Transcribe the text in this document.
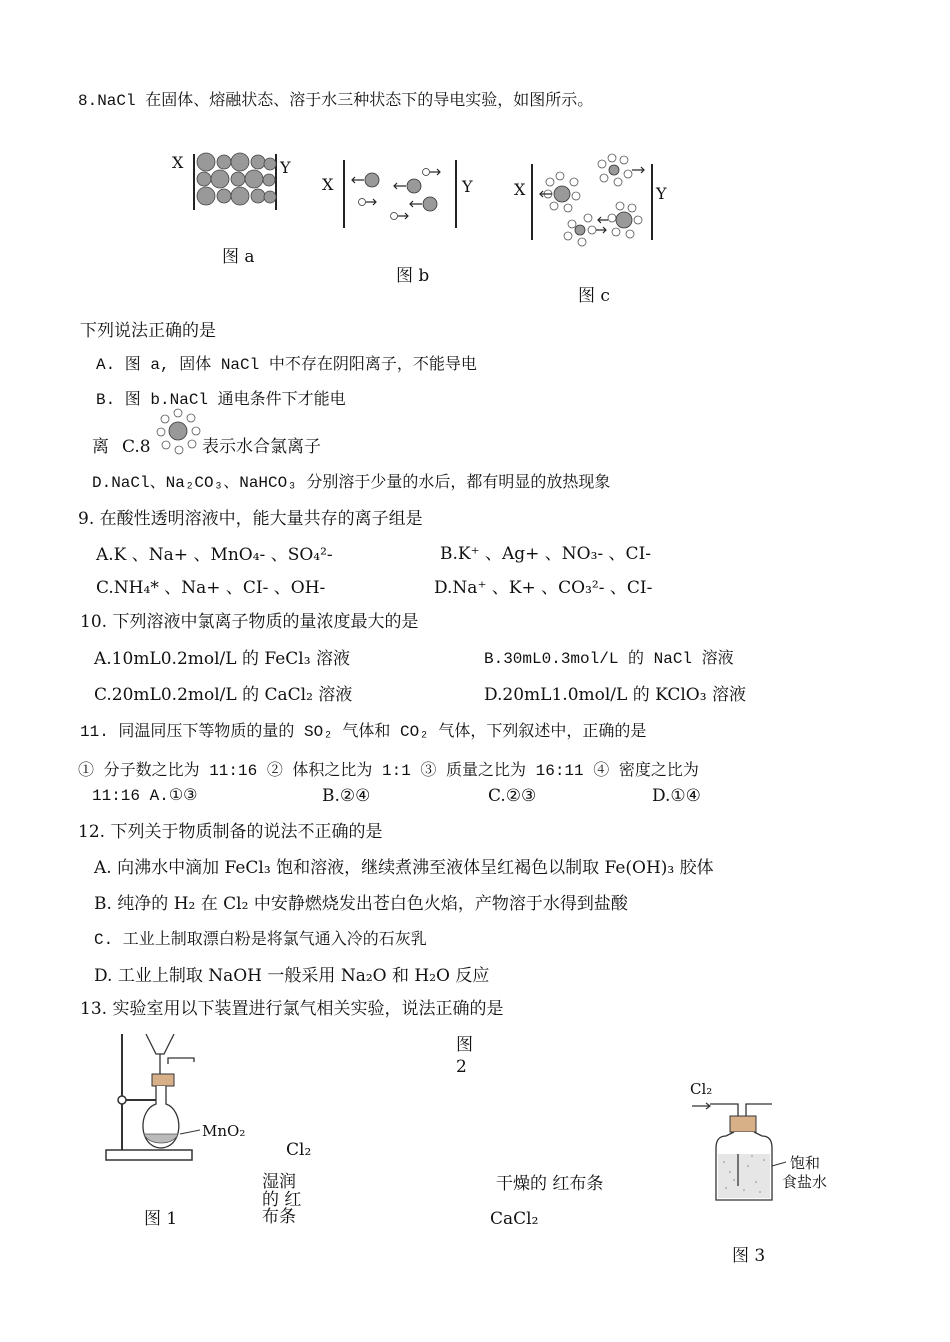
8.NaCl 在固体、熔融状态、溶于水三种状态下的导电实验，如图所示。
X	Y
图 a
X	Y
图 b
X	Y
图 c
下列说法正确的是
A. 图 a, 固体 NaCl 中不存在阴阳离子，不能导电
B. 图 b.NaCl 通电条件下才能电
离 C.8	表示水合氯离子
D.NaCl、Na₂CO₃、NaHCO₃ 分别溶于少量的水后，都有明显的放热现象
9. 在酸性透明溶液中，能大量共存的离子组是
A.K 、Na+ 、MnO₄- 、SO₄²-	B.K⁺ 、Ag+ 、NO₃- 、CI-
C.NH₄* 、Na+ 、CI- 、OH-	D.Na⁺ 、K+ 、CO₃²- 、CI-
10. 下列溶液中氯离子物质的量浓度最大的是
A.10mL0.2mol/L 的 FeCl₃ 溶液	B.30mL0.3mol/L 的 NaCl 溶液
C.20mL0.2mol/L 的 CaCl₂ 溶液	D.20mL1.0mol/L 的 KClO₃ 溶液
11. 同温同压下等物质的量的 SO₂ 气体和 CO₂ 气体，下列叙述中，正确的是
① 分子数之比为 11:16 ② 体积之比为 1:1 ③ 质量之比为 16:11 ④ 密度之比为
11:16 A.①③	B.②④	C.②③	D.①④
12. 下列关于物质制备的说法不正确的是
A. 向沸水中滴加 FeCl₃ 饱和溶液，继续煮沸至液体呈红褐色以制取 Fe(OH)₃ 胶体
B. 纯净的 H₂ 在 Cl₂ 中安静燃烧发出苍白色火焰，产物溶于水得到盐酸
C. 工业上制取漂白粉是将氯气通入冷的石灰乳
D. 工业上制取 NaOH 一般采用 Na₂O 和 H₂O 反应
13. 实验室用以下装置进行氯气相关实验，说法正确的是
MnO₂
图 1
图
2
Cl₂
湿润
的 红
布条
干燥的 红布条
CaCl₂
Cl₂
饱和
食盐水
图 3
